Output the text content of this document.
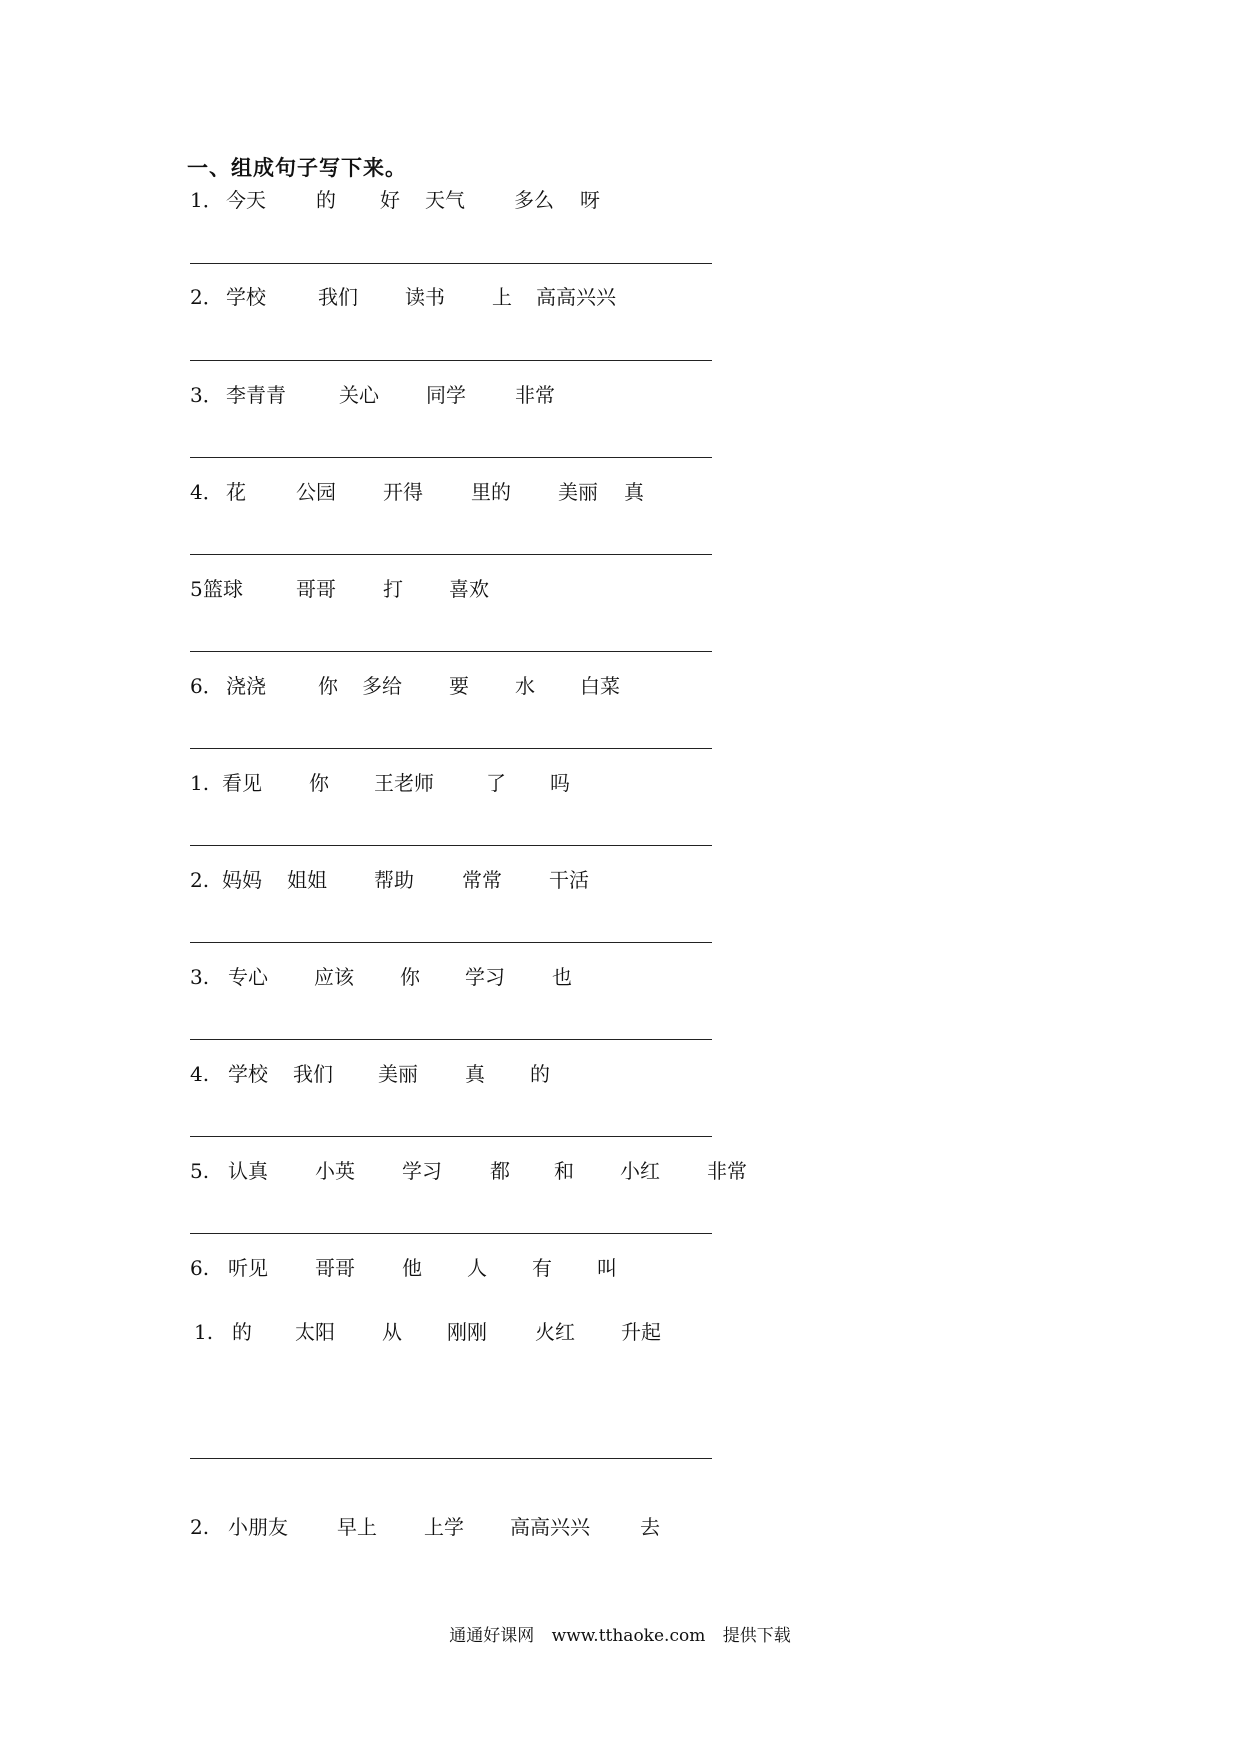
一、组成句子写下来。
1． 今天	的 好 天气 多么 呀
2． 学校	我们 读书 上 高高兴兴
3． 李青青	关心 同学 非常
4． 花	公园 开得 里的 美丽 真
5 篮球	哥哥 打 喜欢
6． 浇浇	你 多给 要 水 白菜
1. 看见 你 王老师	了 吗
2. 妈妈 姐姐 帮助 常常 干活
3. 专心 应该 你 学习 也
4. 学校 我们 美丽 真 的
5. 认真 小英 学习 都 和 小红 非常
6. 听见 哥哥 他 人 有 叫
1. 的 太阳 从 刚刚 火红 升起
2. 小朋友 早上 上学 高高兴兴	去
通通好课网 www.tthaoke.com 提供下载
